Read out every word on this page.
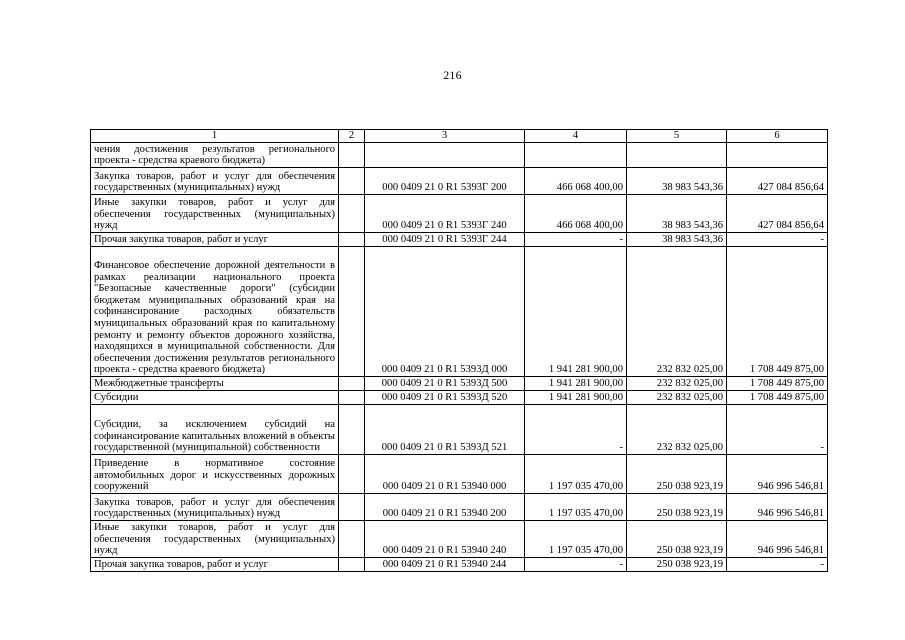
216
1	2	3	4	5	6
чения достижения результатов регионального проекта - средства краевого бюджета)					
Закупка товаров, работ и услуг для обеспечения государственных (муниципальных) нужд		000 0409 21 0 R1 5393Г 200	466 068 400,00	38 983 543,36	427 084 856,64
Иные закупки товаров, работ и услуг для обеспечения государственных (муниципальных) нужд		000 0409 21 0 R1 5393Г 240	466 068 400,00	38 983 543,36	427 084 856,64
Прочая закупка товаров, работ и услуг		000 0409 21 0 R1 5393Г 244	-	38 983 543,36	-
Финансовое обеспечение дорожной деятельности в рамках реализации национального проекта "Безопасные качественные дороги" (субсидии бюджетам муниципальных образований края на софинансирование расходных обязательств муниципальных образований края по капитальному ремонту и ремонту объектов дорожного хозяйства, находящихся в муниципальной собственности. Для обеспечения достижения результатов регионального проекта - средства краевого бюджета)		000 0409 21 0 R1 5393Д 000	1 941 281 900,00	232 832 025,00	1 708 449 875,00
Межбюджетные трансферты		000 0409 21 0 R1 5393Д 500	1 941 281 900,00	232 832 025,00	1 708 449 875,00
Субсидии		000 0409 21 0 R1 5393Д 520	1 941 281 900,00	232 832 025,00	1 708 449 875,00
Субсидии, за исключением субсидий на софинансирование капитальных вложений в объекты государственной (муниципальной) собственности		000 0409 21 0 R1 5393Д 521	-	232 832 025,00	-
Приведение в нормативное состояние автомобильных дорог и искусственных дорожных сооружений		000 0409 21 0 R1 53940 000	1 197 035 470,00	250 038 923,19	946 996 546,81
Закупка товаров, работ и услуг для обеспечения государственных (муниципальных) нужд		000 0409 21 0 R1 53940 200	1 197 035 470,00	250 038 923,19	946 996 546,81
Иные закупки товаров, работ и услуг для обеспечения государственных (муниципальных) нужд		000 0409 21 0 R1 53940 240	1 197 035 470,00	250 038 923,19	946 996 546,81
Прочая закупка товаров, работ и услуг		000 0409 21 0 R1 53940 244	-	250 038 923,19	-
